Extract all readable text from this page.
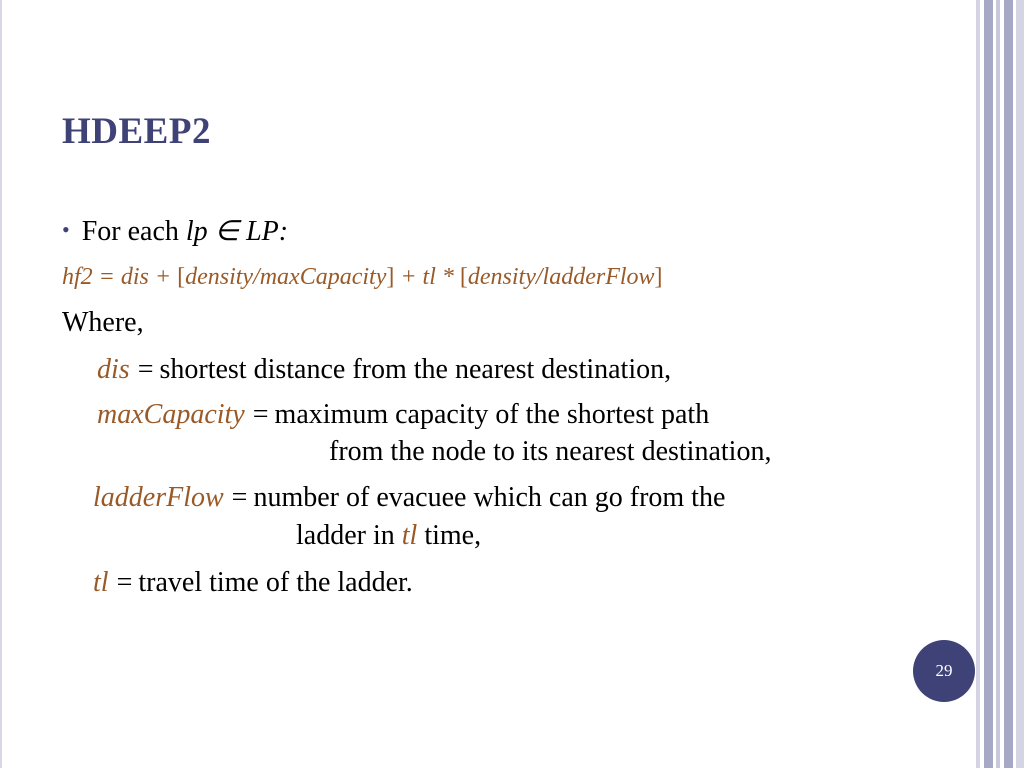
HDEEP2
• For each lp ∈ LP:
hf2 = dis + [density/maxCapacity] + tl * [density/ladderFlow]
Where,
dis = shortest distance from the nearest destination,
maxCapacity = maximum capacity of the shortest path
from the node to its nearest destination,
ladderFlow = number of evacuee which can go from the
ladder in tl time,
tl = travel time of the ladder.
29
